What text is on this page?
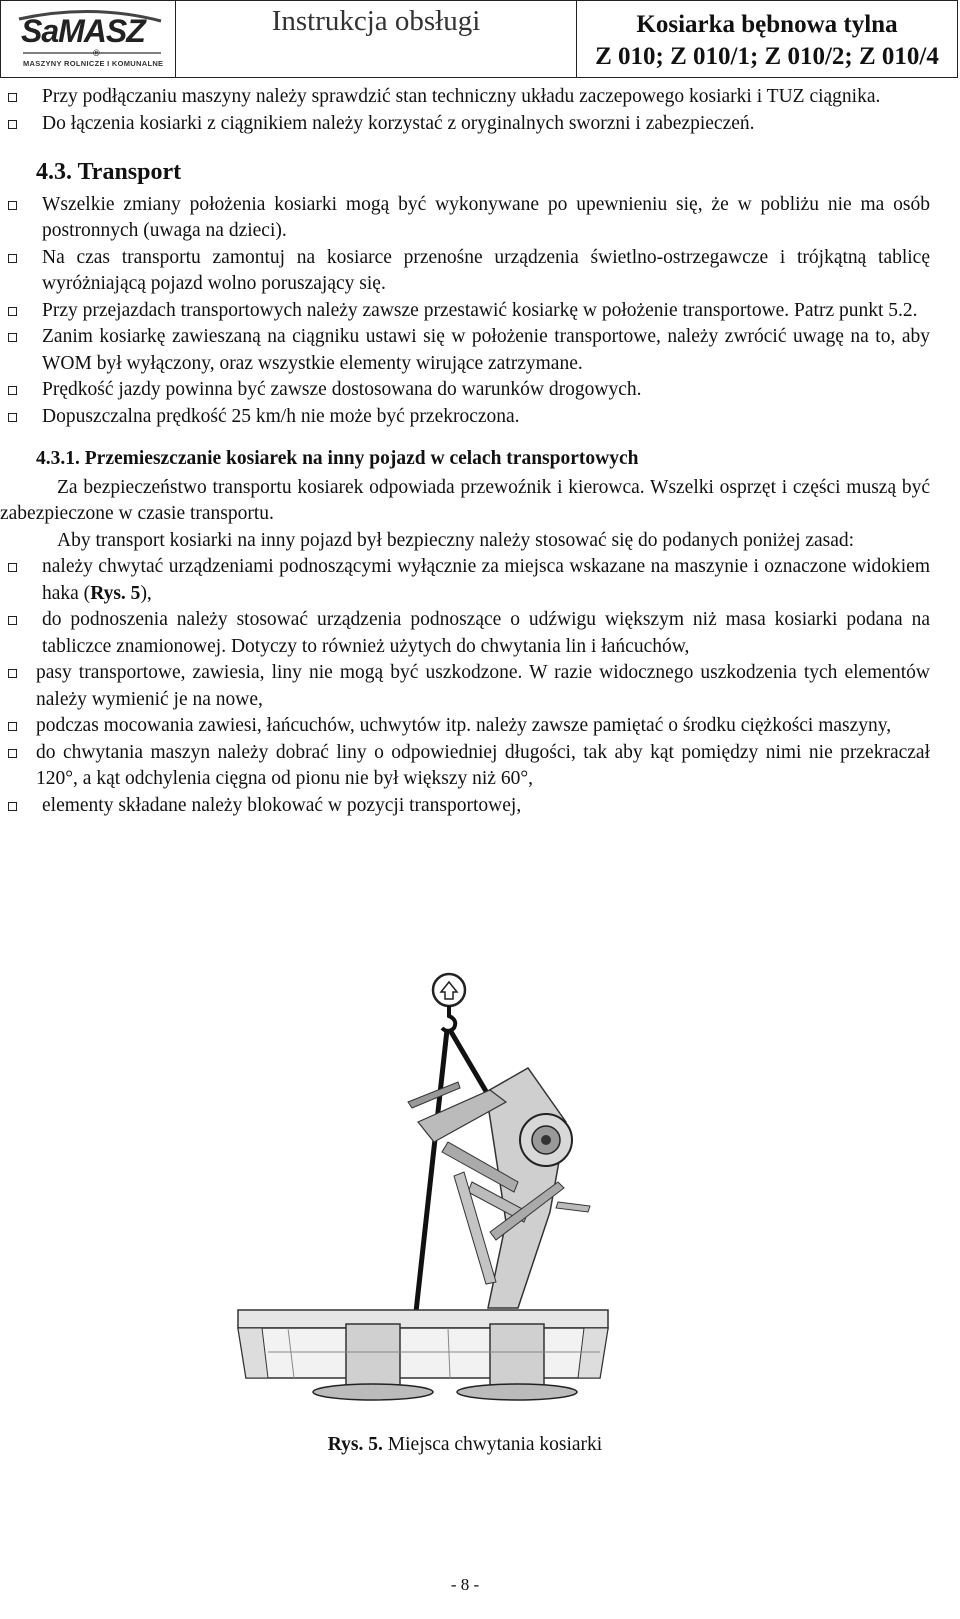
SaMASZ
®
MASZYNY ROLNICZE I KOMUNALNE
Instrukcja obsługi	Kosiarka bębnowa tylna
Z 010; Z 010/1; Z 010/2; Z 010/4
Przy podłączaniu maszyny należy sprawdzić stan techniczny układu zaczepowego kosiarki i TUZ ciągnika.
Do łączenia kosiarki z ciągnikiem należy korzystać z oryginalnych sworzni i zabezpieczeń.
4.3. Transport
Wszelkie zmiany położenia kosiarki mogą być wykonywane po upewnieniu się, że w pobliżu nie ma osób postronnych (uwaga na dzieci).
Na czas transportu zamontuj na kosiarce przenośne urządzenia świetlno-ostrzegawcze i trójkątną tablicę wyróżniającą pojazd wolno poruszający się.
Przy przejazdach transportowych należy zawsze przestawić kosiarkę w położenie transportowe. Patrz punkt 5.2.
Zanim kosiarkę zawieszaną na ciągniku ustawi się w położenie transportowe, należy zwrócić uwagę na to, aby WOM był wyłączony, oraz wszystkie elementy wirujące zatrzymane.
Prędkość jazdy powinna być zawsze dostosowana do warunków drogowych.
Dopuszczalna prędkość 25 km/h nie może być przekroczona.
4.3.1. Przemieszczanie kosiarek na inny pojazd w celach transportowych
Za bezpieczeństwo transportu kosiarek odpowiada przewoźnik i kierowca. Wszelki osprzęt i części muszą być zabezpieczone w czasie transportu.
Aby transport kosiarki na inny pojazd był bezpieczny należy stosować się do podanych poniżej zasad:
należy chwytać urządzeniami podnoszącymi wyłącznie za miejsca wskazane na maszynie i oznaczone widokiem haka (Rys. 5),
do podnoszenia należy stosować urządzenia podnoszące o udźwigu większym niż masa kosiarki podana na tabliczce znamionowej. Dotyczy to również użytych do chwytania lin i łańcuchów,
pasy transportowe, zawiesia, liny nie mogą być uszkodzone. W razie widocznego uszkodzenia tych elementów należy wymienić je na nowe,
podczas mocowania zawiesi, łańcuchów, uchwytów itp. należy zawsze pamiętać o środku ciężkości maszyny,
do chwytania maszyn należy dobrać liny o odpowiedniej długości, tak aby kąt pomiędzy nimi nie przekraczał 120°, a kąt odchylenia cięgna od pionu nie był większy niż 60°,
elementy składane należy blokować w pozycji transportowej,
Rys. 5. Miejsca chwytania kosiarki
- 8 -
